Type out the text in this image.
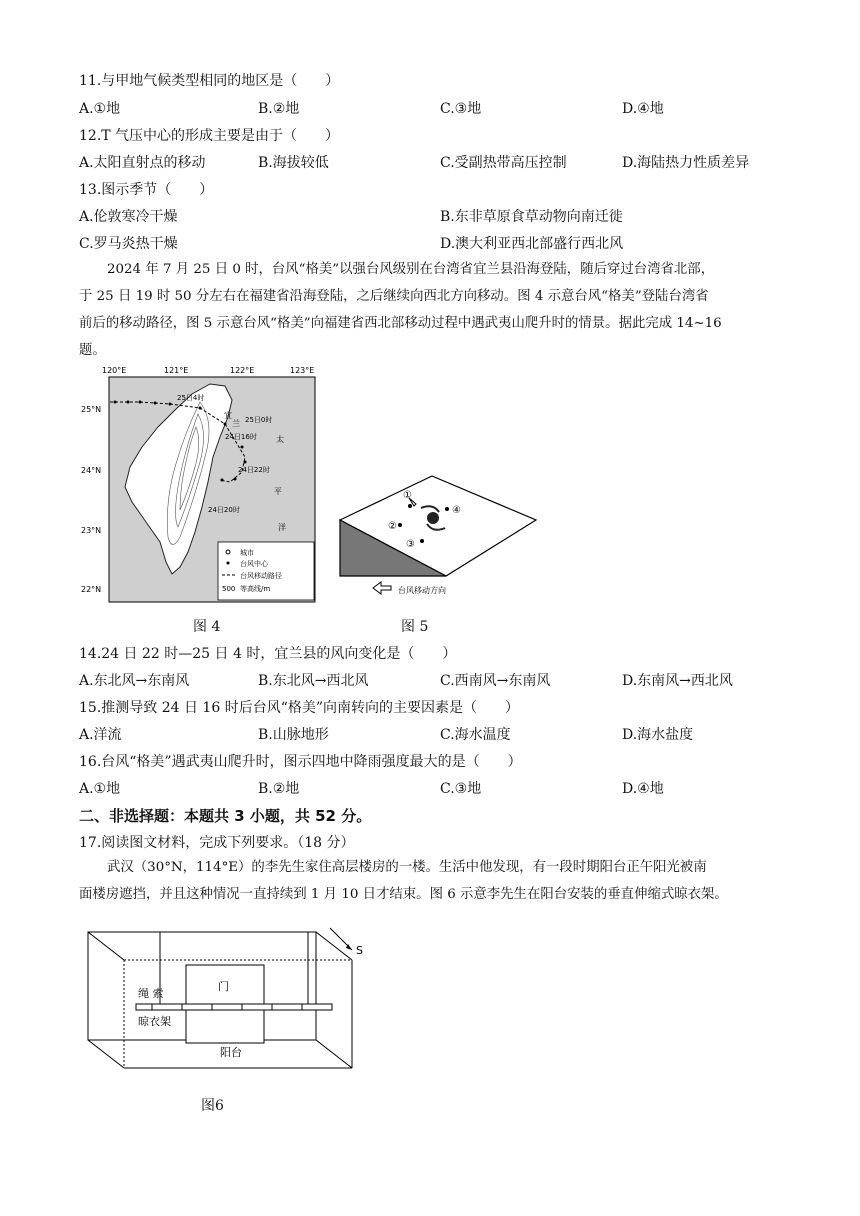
11.与甲地气候类型相同的地区是（　　）
A.①地	B.②地	C.③地	D.④地
12.T 气压中心的形成主要是由于（　　）
A.太阳直射点的移动	B.海拔较低	C.受副热带高压控制	D.海陆热力性质差异
13.图示季节（　　）
A.伦敦寒冷干燥	B.东非草原食草动物向南迁徙
C.罗马炎热干燥	D.澳大利亚西北部盛行西北风
2024 年 7 月 25 日 0 时，台风“格美”以强台风级别在台湾省宜兰县沿海登陆，随后穿过台湾省北部，
于 25 日 19 时 50 分左右在福建省沿海登陆，之后继续向西北方向移动。图 4 示意台风“格美”登陆台湾省
前后的移动路径，图 5 示意台风“格美”向福建省西北部移动过程中遇武夷山爬升时的情景。据此完成 14~16
题。
120°E	121°E	122°E	123°E
25°N
24°N
23°N
22°N
25日4时
25日0时
24日16时
24日22时
24日20时
宜
兰
太
平
洋
城市
台风中心
台风移动路径
500 等高线/m
图 4
①
②
③
④
台风移动方向
图 5
14.24 日 22 时—25 日 4 时，宜兰县的风向变化是（　　）
A.东北风→东南风	B.东北风→西北风	C.西南风→东南风	D.东南风→西北风
15.推测导致 24 日 16 时后台风“格美”向南转向的主要因素是（　　）
A.洋流	B.山脉地形	C.海水温度	D.海水盐度
16.台风“格美”遇武夷山爬升时，图示四地中降雨强度最大的是（　　）
A.①地	B.②地	C.③地	D.④地
二、非选择题：本题共 3 小题，共 52 分。
17.阅读图文材料，完成下列要求。（18 分）
武汉（30°N，114°E）的李先生家住高层楼房的一楼。生活中他发现，有一段时期阳台正午阳光被南
面楼房遮挡，并且这种情况一直持续到 1 月 10 日才结束。图 6 示意李先生在阳台安装的垂直伸缩式晾衣架。
S
绳 索
门
晾衣架
阳台
图6
